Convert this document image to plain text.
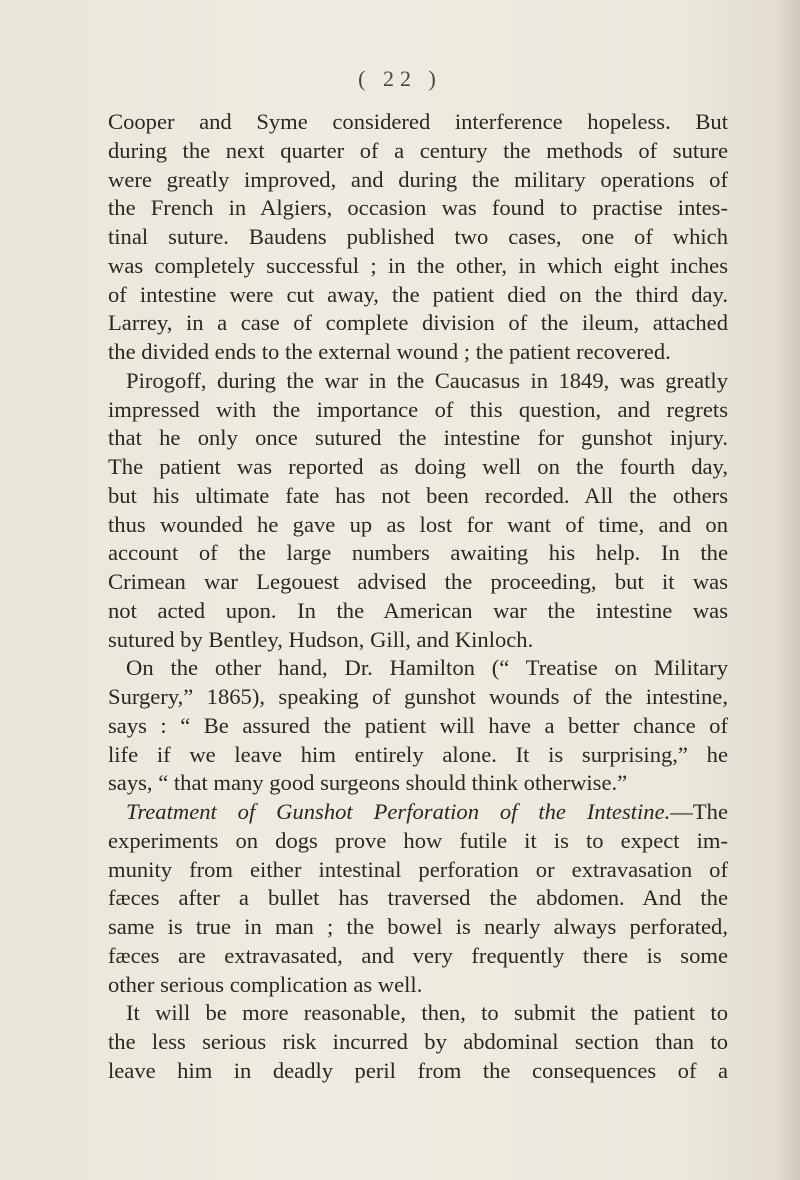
( 22 )
Cooper and Syme considered interference hopeless. But
during the next quarter of a century the methods of suture
were greatly improved, and during the military operations of
the French in Algiers, occasion was found to practise intes-
tinal suture. Baudens published two cases, one of which
was completely successful ; in the other, in which eight inches
of intestine were cut away, the patient died on the third day.
Larrey, in a case of complete division of the ileum, attached
the divided ends to the external wound ; the patient recovered.
Pirogoff, during the war in the Caucasus in 1849, was greatly
impressed with the importance of this question, and regrets
that he only once sutured the intestine for gunshot injury.
The patient was reported as doing well on the fourth day,
but his ultimate fate has not been recorded. All the others
thus wounded he gave up as lost for want of time, and on
account of the large numbers awaiting his help. In the
Crimean war Legouest advised the proceeding, but it was
not acted upon. In the American war the intestine was
sutured by Bentley, Hudson, Gill, and Kinloch.
On the other hand, Dr. Hamilton (“ Treatise on Military
Surgery,” 1865), speaking of gunshot wounds of the intestine,
says : “ Be assured the patient will have a better chance of
life if we leave him entirely alone. It is surprising,” he
says, “ that many good surgeons should think otherwise.”
Treatment of Gunshot Perforation of the Intestine.—The
experiments on dogs prove how futile it is to expect im-
munity from either intestinal perforation or extravasation of
fæces after a bullet has traversed the abdomen. And the
same is true in man ; the bowel is nearly always perforated,
fæces are extravasated, and very frequently there is some
other serious complication as well.
It will be more reasonable, then, to submit the patient to
the less serious risk incurred by abdominal section than to
leave him in deadly peril from the consequences of a
